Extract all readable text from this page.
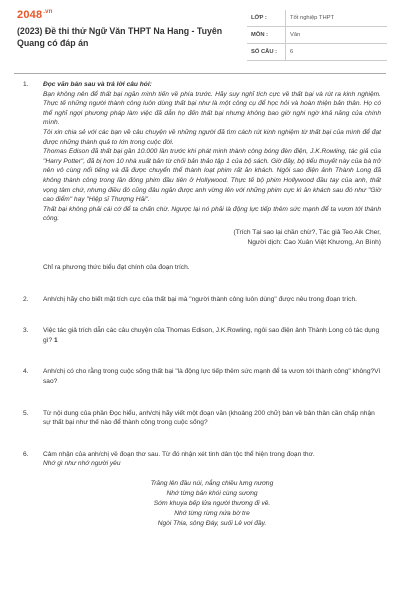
$2048^{.vn}$
(2023) Đề thi thử Ngữ Văn THPT Na Hang - Tuyên Quang có đáp án
LỚP :	Tốt nghiệp THPT
MÔN :	Văn
SỐ CÂU :	6
1.	Đọc văn bản sau và trả lời câu hỏi:
Bạn không nên để thất bại ngăn mình tiến về phía trước. Hãy suy nghĩ tích cực về thất bại và rút ra kinh nghiệm. Thực tế những người thành công luôn dùng thất bại như là một công cụ để học hỏi và hoàn thiện bản thân. Họ có thể nghĩ ngợi phương pháp làm việc đã dẫn họ đến thất bại nhưng không bao giờ nghi ngờ khả năng của chính mình.
Tôi xin chia sẻ với các bạn về câu chuyện về những người đã tìm cách rút kinh nghiệm từ thất bại của mình để đạt được những thành quả to lớn trong cuộc đời.
Thomas Edison đã thất bại gần 10.000 lần trước khi phát minh thành công bóng đèn điện, J.K.Rowling, tác giả của "Harry Potter", đã bị hơn 10 nhà xuất bản từ chối bản thảo tập 1 của bộ sách. Giờ đây, bộ tiểu thuyết này của bà trở nên vô cùng nổi tiếng và đã được chuyển thể thành loạt phim rất ăn khách. Ngôi sao điện ảnh Thành Long đã không thành công trong lần đóng phim đầu tiên ở Hollywood. Thực tế bộ phim Hollywood đầu tay của anh, thất vọng tâm chứ, nhưng điều đó cũng đâu ngăn được anh vừng lên với những phim cực kì ăn khách sau đó như "Giờ cao điểm" hay "Hiệp sĩ Thượng Hải".
Thất bại không phải cái cớ để ta chấn chừ. Ngược lại nó phải là động lực tiếp thêm sức mạnh để ta vươn tới thành công.
(Trích Tại sao lại chần chừ?, Tác giả Teo Aik Cher,
Người dịch: Cao Xuân Việt Khương, An Bình)
Chỉ ra phương thức biểu đạt chính của đoạn trích.
2.	Anh/chị hãy cho biết mặt tích cực của thất bại mà "người thành công luôn dùng" được nêu trong đoạn trích.
3.	Việc tác giả trích dẫn các câu chuyện của Thomas Edison, J.K.Rowling, ngôi sao điện ảnh Thành Long có tác dụng gì? 1
4.	Anh/chị có cho rằng trong cuộc sống thất bại "là động lực tiếp thêm sức mạnh để ta vươn tới thành công" không?Vì sao?
5.	Từ nội dung của phần Đọc hiểu, anh/chị hãy viết một đoạn văn (khoảng 200 chữ) bàn về bản thân cần chấp nhận sự thất bại như thế nào để thành công trong cuộc sống?
6.	Cảm nhận của anh/chị về đoạn thơ sau. Từ đó nhận xét tinh dân tộc thể hiện trong đoạn thơ.
Nhớ gì như nhớ người yêu
Trăng lên đầu núi, nắng chiều lưng nương
Nhớ từng bản khói cùng sương
Sớm khuya bếp lửa người thương đi về.
Nhớ từng rừng nứa bờ tre
Ngòi Thia, sông Đáy, suối Lê vơi đầy.
